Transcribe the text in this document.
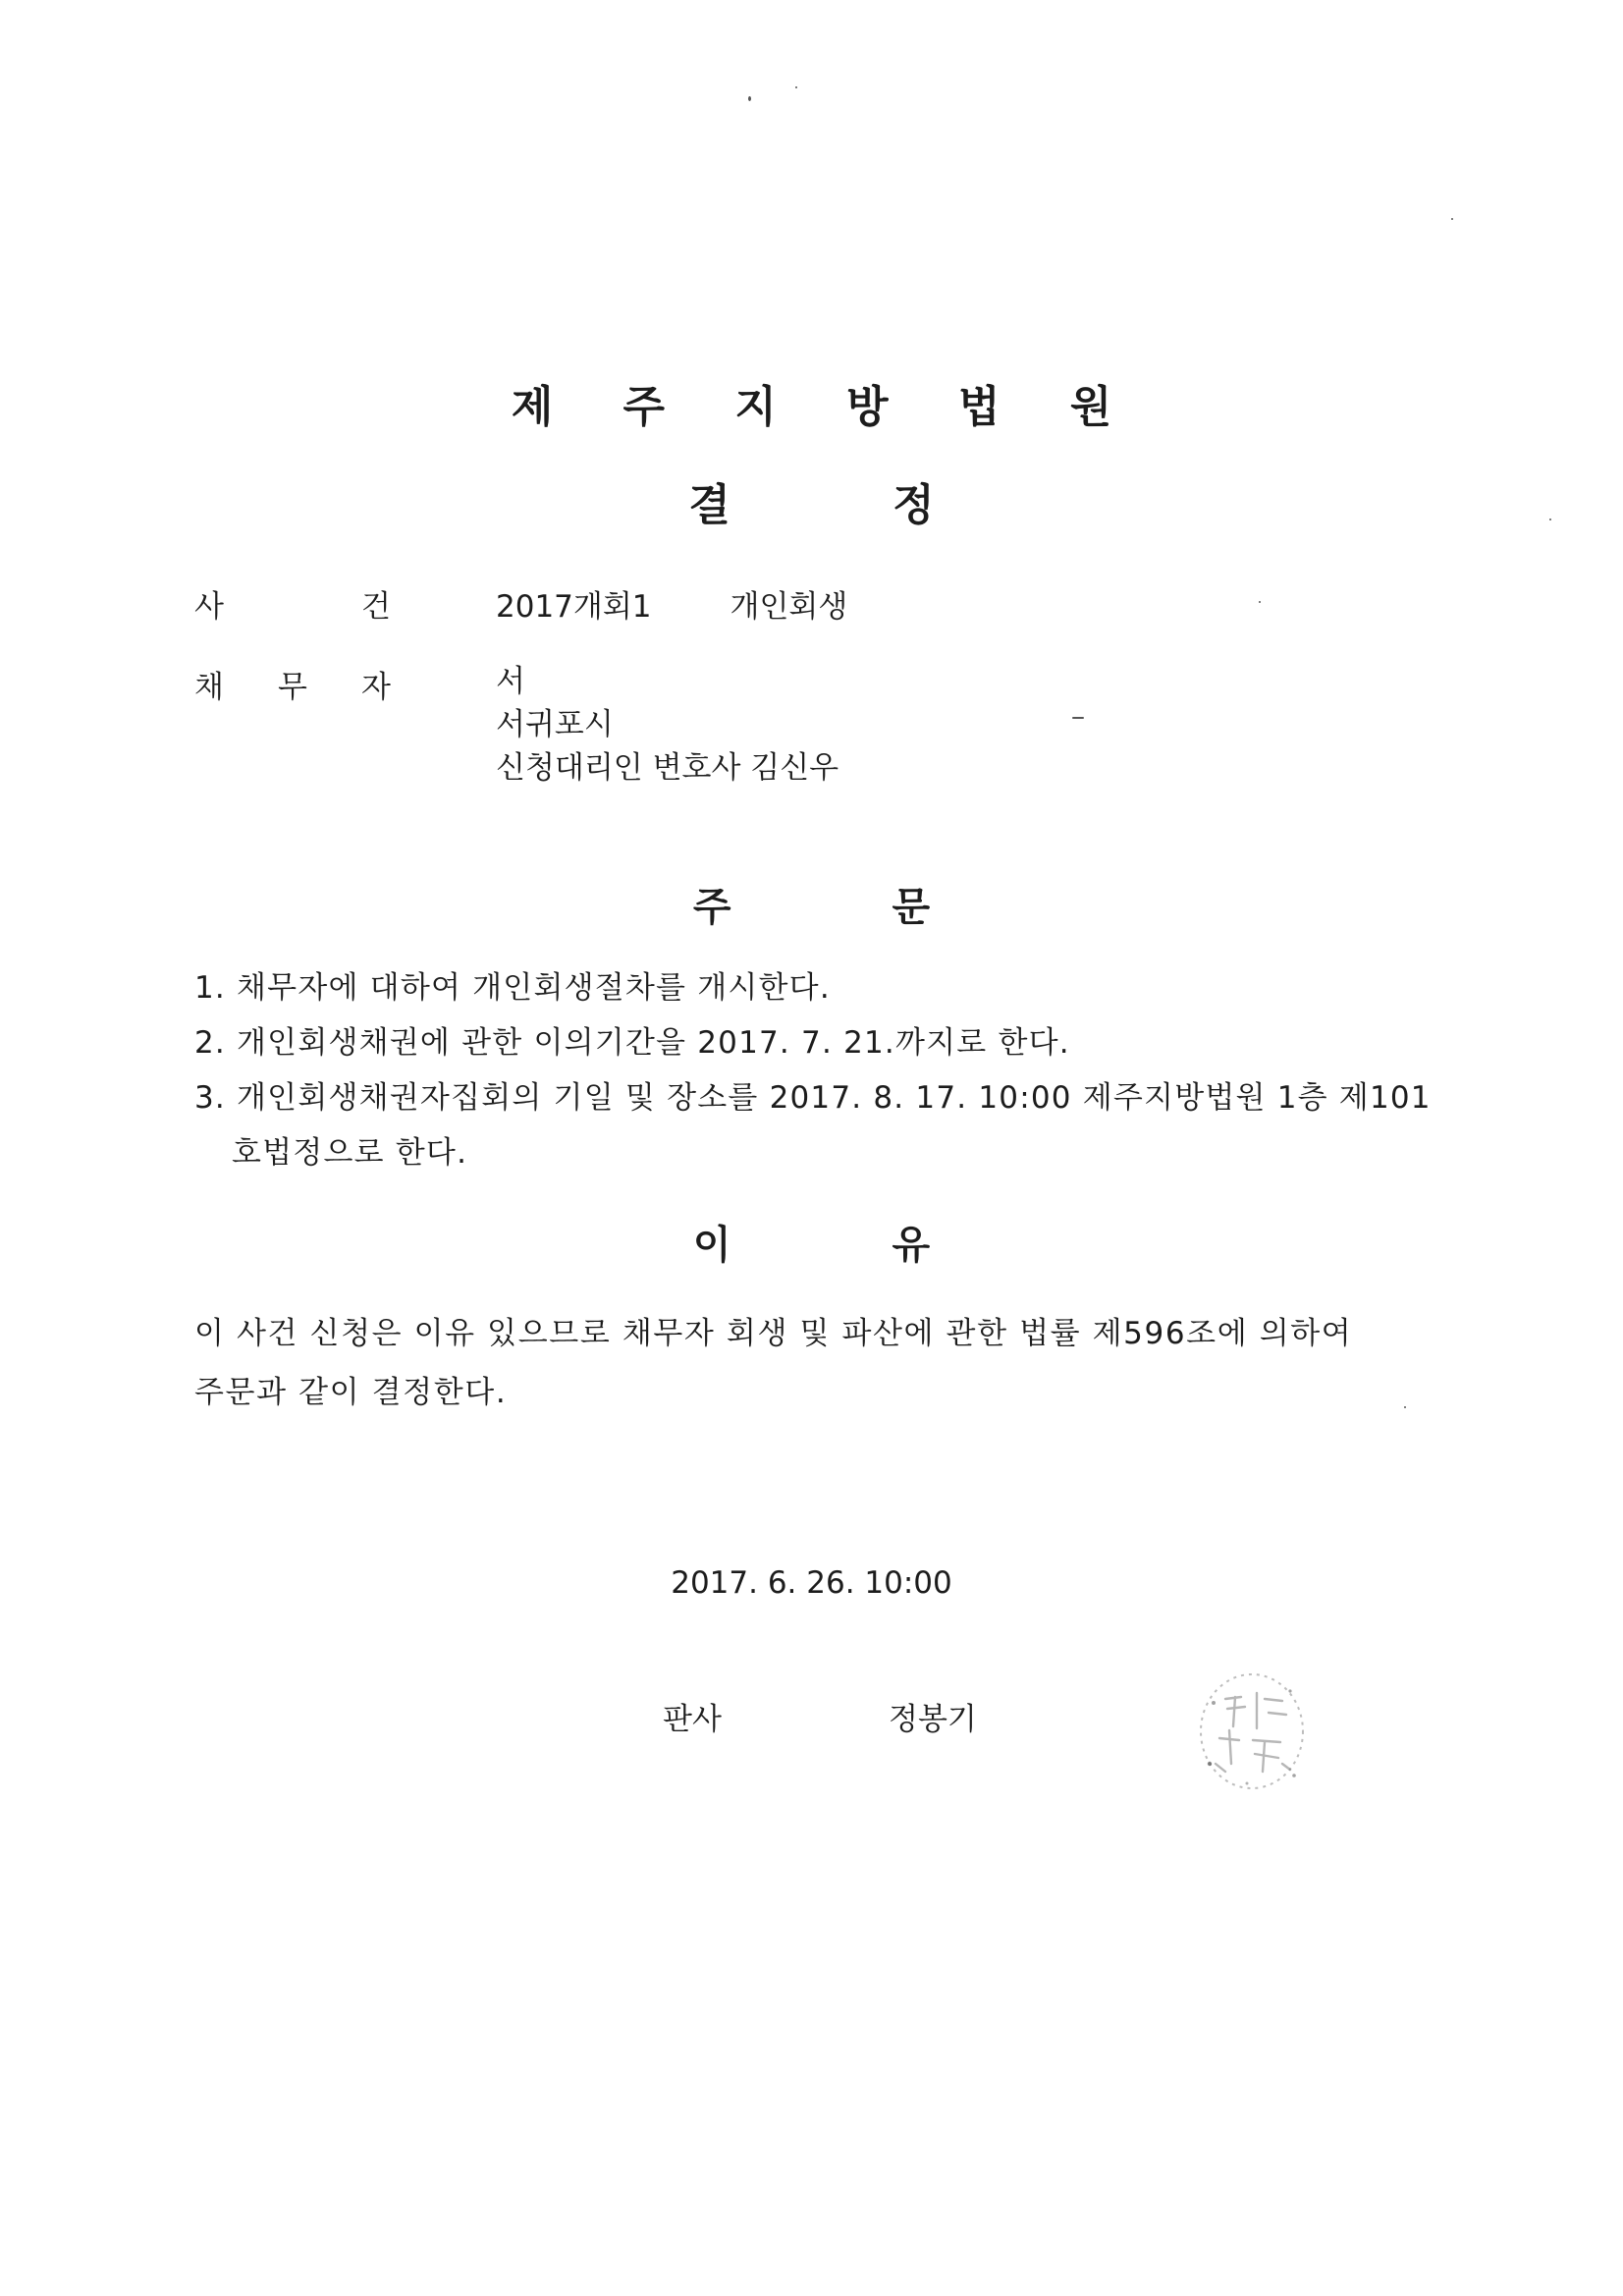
제 주 지 방 법 원
결 정
사	건	2017개회1	개인회생
채 무 자	서
서귀포시
신청대리인 변호사 김신우
주 문
1. 채무자에 대하여 개인회생절차를 개시한다.
2. 개인회생채권에 관한 이의기간을 2017. 7. 21.까지로 한다.
3. 개인회생채권자집회의 기일 및 장소를 2017. 8. 17. 10:00 제주지방법원 1층 제101
호법정으로 한다.
이 유
이 사건 신청은 이유 있으므로 채무자 회생 및 파산에 관한 법률 제596조에 의하여
주문과 같이 결정한다.
2017. 6. 26. 10:00
판사	정봉기
